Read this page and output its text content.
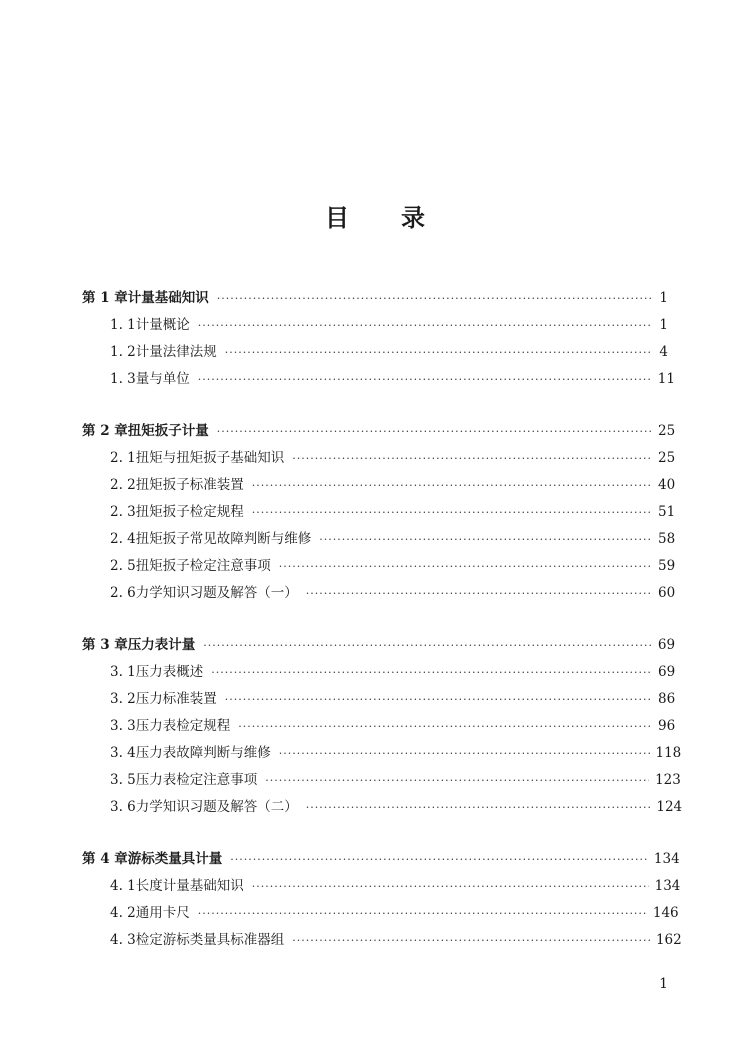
目 录
第 1 章 计量基础知识 ·····	1
1. 1 计量概论 ·····	1
1. 2 计量法律法规 ·····	4
1. 3 量与单位 ·····	11
第 2 章 扭矩扳子计量 ·····	25
2. 1 扭矩与扭矩扳子基础知识 ·····	25
2. 2 扭矩扳子标准装置 ·····	40
2. 3 扭矩扳子检定规程 ·····	51
2. 4 扭矩扳子常见故障判断与维修 ·····	58
2. 5 扭矩扳子检定注意事项 ·····	59
2. 6 力学知识习题及解答（一） ·····	60
第 3 章 压力表计量 ·····	69
3. 1 压力表概述 ·····	69
3. 2 压力标准装置 ·····	86
3. 3 压力表检定规程 ·····	96
3. 4 压力表故障判断与维修 ·····	118
3. 5 压力表检定注意事项 ·····	123
3. 6 力学知识习题及解答（二） ·····	124
第 4 章 游标类量具计量 ·····	134
4. 1 长度计量基础知识 ·····	134
4. 2 通用卡尺 ·····	146
4. 3 检定游标类量具标准器组 ·····	162
1
